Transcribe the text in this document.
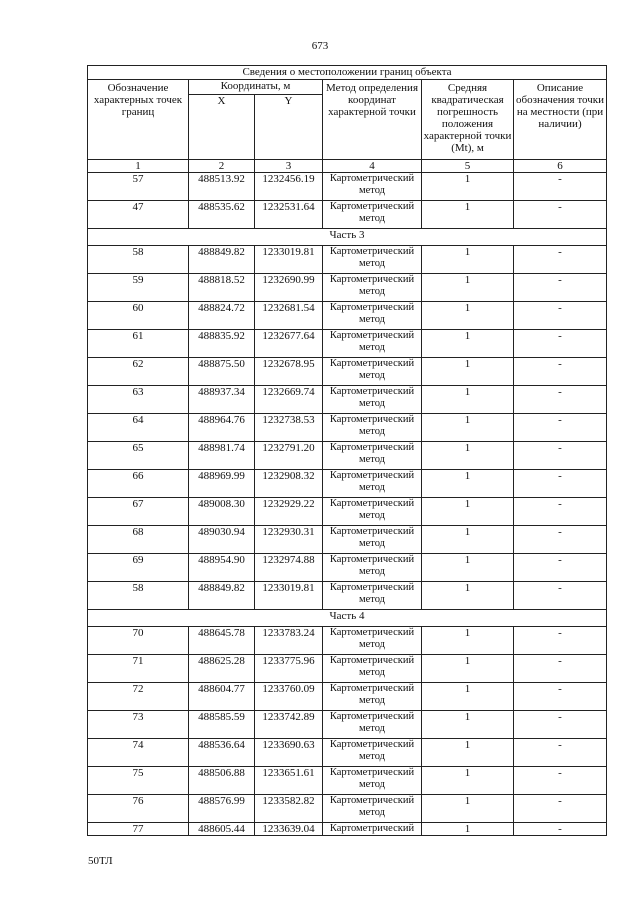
673
Сведения о местоположении границ объекта					
Обозначение характерных точек границ	Координаты, м		Метод определения координат характерной точки	Средняя квадратическая погрешность положения характерной точки (Mt), м	Описание обозначения точки на местности (при наличии)
	X	Y			
1	2	3	4	5	6
57	488513.92	1232456.19	Картометрический метод	1	-
47	488535.62	1232531.64	Картометрический метод	1	-
Часть 3					
58	488849.82	1233019.81	Картометрический метод	1	-
59	488818.52	1232690.99	Картометрический метод	1	-
60	488824.72	1232681.54	Картометрический метод	1	-
61	488835.92	1232677.64	Картометрический метод	1	-
62	488875.50	1232678.95	Картометрический метод	1	-
63	488937.34	1232669.74	Картометрический метод	1	-
64	488964.76	1232738.53	Картометрический метод	1	-
65	488981.74	1232791.20	Картометрический метод	1	-
66	488969.99	1232908.32	Картометрический метод	1	-
67	489008.30	1232929.22	Картометрический метод	1	-
68	489030.94	1232930.31	Картометрический метод	1	-
69	488954.90	1232974.88	Картометрический метод	1	-
58	488849.82	1233019.81	Картометрический метод	1	-
Часть 4					
70	488645.78	1233783.24	Картометрический метод	1	-
71	488625.28	1233775.96	Картометрический метод	1	-
72	488604.77	1233760.09	Картометрический метод	1	-
73	488585.59	1233742.89	Картометрический метод	1	-
74	488536.64	1233690.63	Картометрический метод	1	-
75	488506.88	1233651.61	Картометрический метод	1	-
76	488576.99	1233582.82	Картометрический метод	1	-
77	488605.44	1233639.04	Картометрический	1	-
50ТЛ
